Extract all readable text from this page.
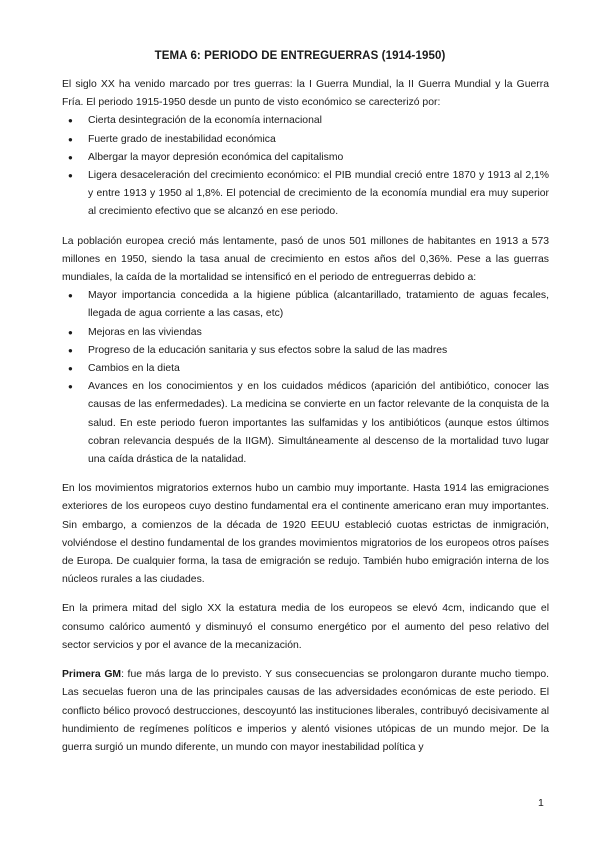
TEMA 6: PERIODO DE ENTREGUERRAS (1914-1950)

El siglo XX ha venido marcado por tres guerras: la I Guerra Mundial, la II Guerra Mundial y la Guerra Fría. El periodo 1915-1950 desde un punto de visto económico se carecterizó por:

● Cierta desintegración de la economía internacional
● Fuerte grado de inestabilidad económica
● Albergar la mayor depresión económica del capitalismo
● Ligera desaceleración del crecimiento económico: el PIB mundial creció entre 1870 y 1913 al 2,1% y entre 1913 y 1950 al 1,8%. El potencial de crecimiento de la economía mundial era muy superior al crecimiento efectivo que se alcanzó en ese periodo.

La población europea creció más lentamente, pasó de unos 501 millones de habitantes en 1913 a 573 millones en 1950, siendo la tasa anual de crecimiento en estos años del 0,36%. Pese a las guerras mundiales, la caída de la mortalidad se intensificó en el periodo de entreguerras debido a:

● Mayor importancia concedida a la higiene pública (alcantarillado, tratamiento de aguas fecales, llegada de agua corriente a las casas, etc)
● Mejoras en las viviendas
● Progreso de la educación sanitaria y sus efectos sobre la salud de las madres
● Cambios en la dieta
● Avances en los conocimientos y en los cuidados médicos (aparición del antibiótico, conocer las causas de las enfermedades). La medicina se convierte en un factor relevante de la conquista de la salud. En este periodo fueron importantes las sulfamidas y los antibióticos (aunque estos últimos cobran relevancia después de la IIGM). Simultáneamente al descenso de la mortalidad tuvo lugar una caída drástica de la natalidad.

En los movimientos migratorios externos hubo un cambio muy importante. Hasta 1914 las emigraciones exteriores de los europeos cuyo destino fundamental era el continente americano eran muy importantes. Sin embargo, a comienzos de la década de 1920 EEUU estableció cuotas estrictas de inmigración, volviéndose el destino fundamental de los grandes movimientos migratorios de los europeos otros países de Europa. De cualquier forma, la tasa de emigración se redujo. También hubo emigración interna de los núcleos rurales a las ciudades.

En la primera mitad del siglo XX la estatura media de los europeos se elevó 4cm, indicando que el consumo calórico aumentó y disminuyó el consumo energético por el aumento del peso relativo del sector servicios y por el avance de la mecanización.

Primera GM: fue más larga de lo previsto. Y sus consecuencias se prolongaron durante mucho tiempo. Las secuelas fueron una de las principales causas de las adversidades económicas de este periodo. El conflicto bélico provocó destrucciones, descoyuntó las instituciones liberales, contribuyó decisivamente al hundimiento de regímenes políticos e imperios y alentó visiones utópicas de un mundo mejor. De la guerra surgió un mundo diferente, un mundo con mayor inestabilidad política y

1
